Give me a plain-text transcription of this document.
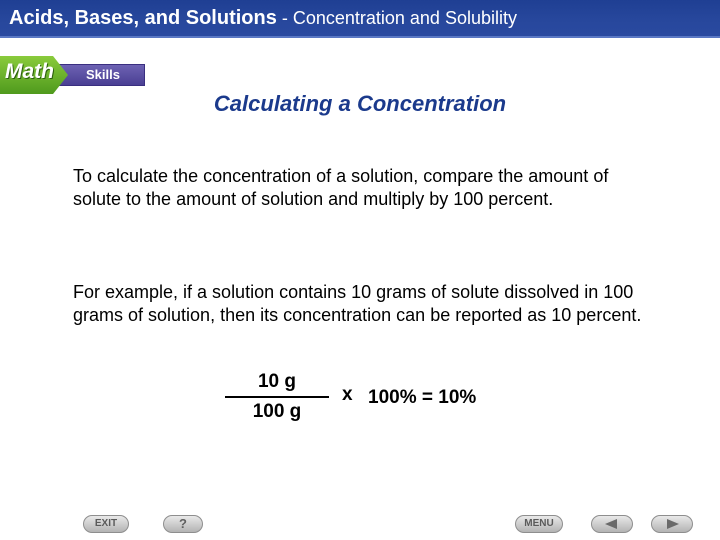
Acids, Bases, and Solutions - Concentration and Solubility
Skills
Math
Calculating a Concentration

To calculate the concentration of a solution, compare the amount of solute to the amount of solution and multiply by 100 percent.

For example, if a solution contains 10 grams of solute dissolved in 100 grams of solution, then its concentration can be reported as 10 percent.

10 g
100 g
x 100% = 10%
EXIT	?	MENU
